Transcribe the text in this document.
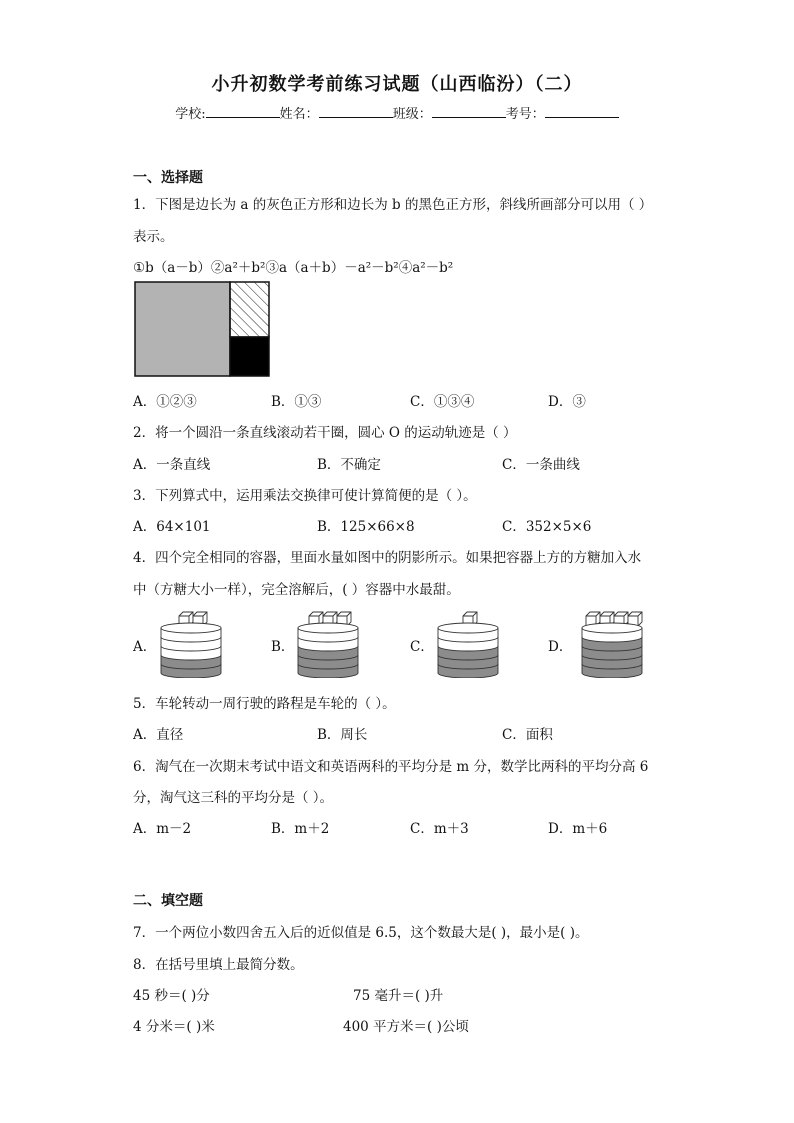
小升初数学考前练习试题（山西临汾）（二）
学校:	姓名：	班级：	考号：
一、选择题
1．下图是边长为 a 的灰色正方形和边长为 b 的黑色正方形，斜线所画部分可以用（ ）
表示。
①b（a－b）②a²＋b²③a（a＋b）－a²－b²④a²－b²
A．①②③	B．①③	C．①③④	D．③
2．将一个圆沿一条直线滚动若干圈，圆心 O 的运动轨迹是（ ）
A．一条直线	B．不确定	C．一条曲线
3．下列算式中，运用乘法交换律可使计算简便的是（ ）。
A．64×101	B．125×66×8	C．352×5×6
4．四个完全相同的容器，里面水量如图中的阴影所示。如果把容器上方的方糖加入水
中（方糖大小一样），完全溶解后，( ）容器中水最甜。
A．	B．	C．	D．
5．车轮转动一周行驶的路程是车轮的（ ）。
A．直径	B．周长	C．面积
6．淘气在一次期末考试中语文和英语两科的平均分是 m 分，数学比两科的平均分高 6
分，淘气这三科的平均分是（ ）。
A．m－2	B．m＋2	C．m＋3	D．m＋6
二、填空题
7．一个两位小数四舍五入后的近似值是 6.5，这个数最大是( )，最小是( )。
8．在括号里填上最简分数。
45 秒＝( )分	75 毫升＝( )升
4 分米＝( )米	400 平方米＝( )公顷
